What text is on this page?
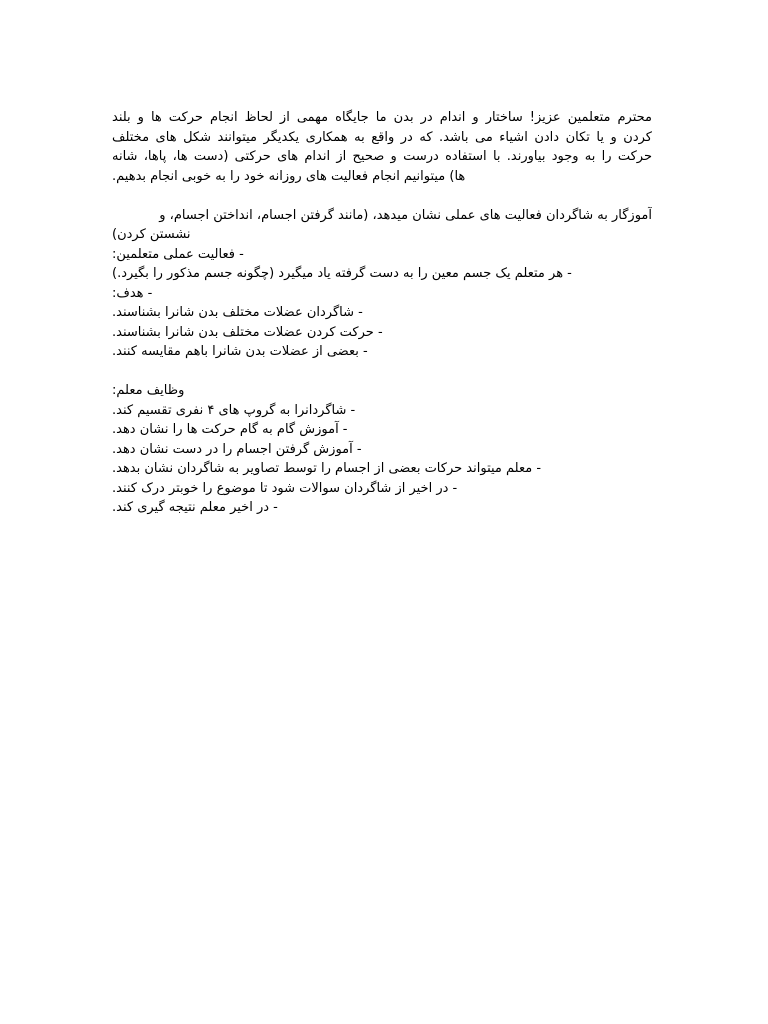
محترم متعلمین عزیز! ساختار و اندام در بدن ما جایگاه مهمی از لحاظ انجام حرکت ها و بلند
کردن و یا تکان دادن اشیاء می باشد. که در واقع به همکاری یکدیگر میتوانند شکل های مختلف
حرکت را به وجود بیاورند. با استفاده درست و صحیح از اندام های حرکتی (دست ها، پاها، شانه
ها) میتوانیم انجام فعالیت های روزانه خود را به خوبی انجام بدهیم.
آموزگار به شاگردان فعالیت های عملی نشان میدهد، (مانند گرفتن اجسام، انداختن اجسام، و
نشستن کردن)
- فعالیت عملی متعلمین:
- هر متعلم یک جسم معین را به دست گرفته یاد میگیرد (چگونه جسم مذکور را بگیرد.)
- هدف:
- شاگردان عضلات مختلف بدن شانرا بشناسند.
- حرکت کردن عضلات مختلف بدن شانرا بشناسند.
- بعضی از عضلات بدن شانرا باهم مقایسه کنند.
وظایف معلم:
- شاگردانرا به گروپ های ۴ نفری تقسیم کند.
- آموزش گام به گام حرکت ها را نشان دهد.
- آموزش گرفتن اجسام را در دست نشان دهد.
- معلم میتواند حرکات بعضی از اجسام را توسط تصاویر به شاگردان نشان بدهد.
- در اخیر از شاگردان سوالات شود تا موضوع را خوبتر درک کنند.
- در اخیر معلم نتیجه گیری کند.
